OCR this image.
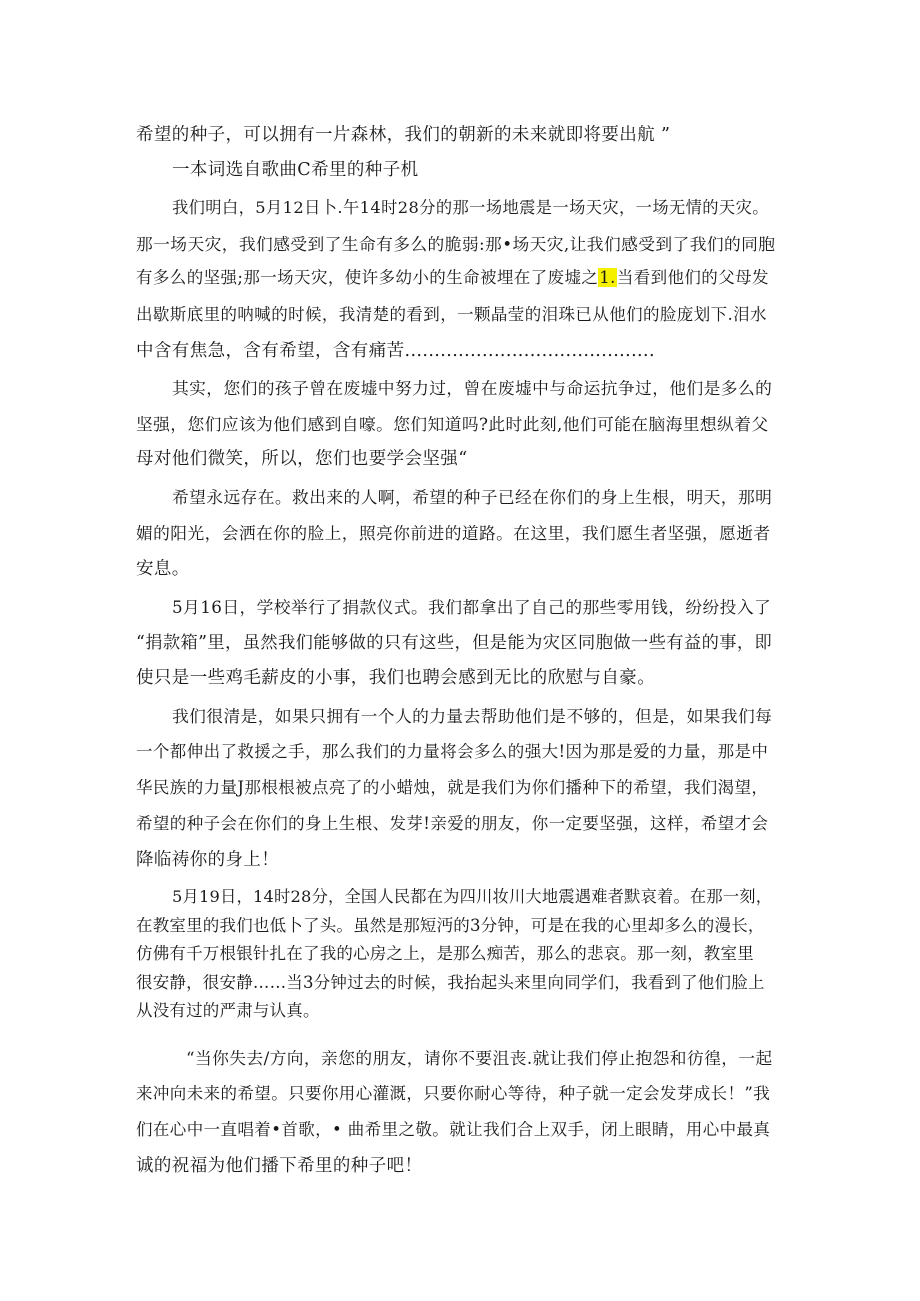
希望的种子，可以拥有一片森林，我们的朝新的未来就即将要出航 ”
一本词选自歌曲C希里的种子机
我们明白，5月12日卜.午14时28分的那一场地震是一场天灾，一场无情的天灾。
那一场天灾，我们感受到了生命有多么的脆弱:那•场天灾,让我们感受到了我们的同胞
有多么的坚强;那一场天灾，使许多幼小的生命被埋在了废墟之1.当看到他们的父母发
出歇斯底里的呐喊的时候，我清楚的看到，一颗晶莹的泪珠已从他们的脸庞划下.泪水
中含有焦急，含有希望，含有痛苦..........................................
其实，您们的孩子曾在废墟中努力过，曾在废墟中与命运抗争过，他们是多么的
坚强，您们应该为他们感到自嚎。您们知道吗?此时此刻,他们可能在脑海里想纵着父
母对他们微笑，所以，您们也要学会坚强“
希望永远存在。救出来的人啊，希望的种子已经在你们的身上生根，明天，那明
媚的阳光，会洒在你的脸上，照亮你前进的道路。在这里，我们愿生者坚强，愿逝者
安息。
5月16日，学校举行了捐款仪式。我们都拿出了自己的那些零用钱，纷纷投入了
“捐款箱”里，虽然我们能够做的只有这些，但是能为灾区同胞做一些有益的事，即
使只是一些鸡毛薪皮的小事，我们也聘会感到无比的欣慰与自豪。
我们很清是，如果只拥有一个人的力量去帮助他们是不够的，但是，如果我们每
一个都伸出了救援之手，那么我们的力量将会多么的强大!因为那是爱的力量，那是中
华民族的力量J那根根被点亮了的小蜡烛，就是我们为你们播种下的希望，我们渴望，
希望的种子会在你们的身上生根、发芽!亲爱的朋友，你一定要坚强，这样，希望才会
降临祷你的身上！
5月19日，14时28分，全国人民都在为四川妆川大地震遇难者默哀着。在那一刻，
在教室里的我们也低卜了头。虽然是那短沔的3分钟，可是在我的心里却多么的漫长，
仿佛有千万根银针扎在了我的心房之上，是那么痴苦，那么的悲哀。那一刻，教室里
很安静，很安静……当3分钟过去的时候，我抬起头来里向同学们，我看到了他们脸上
从没有过的严肃与认真。
“当你失去/方向，亲您的朋友，请你不要沮丧.就让我们停止抱怨和彷徨，一起
来冲向未来的希望。只要你用心灌溉，只要你耐心等待，种子就一定会发芽成长！”我
们在心中一直唱着•首歌，• 曲希里之敬。就让我们合上双手，闭上眼睛，用心中最真
诚的祝福为他们播下希里的种子吧！
